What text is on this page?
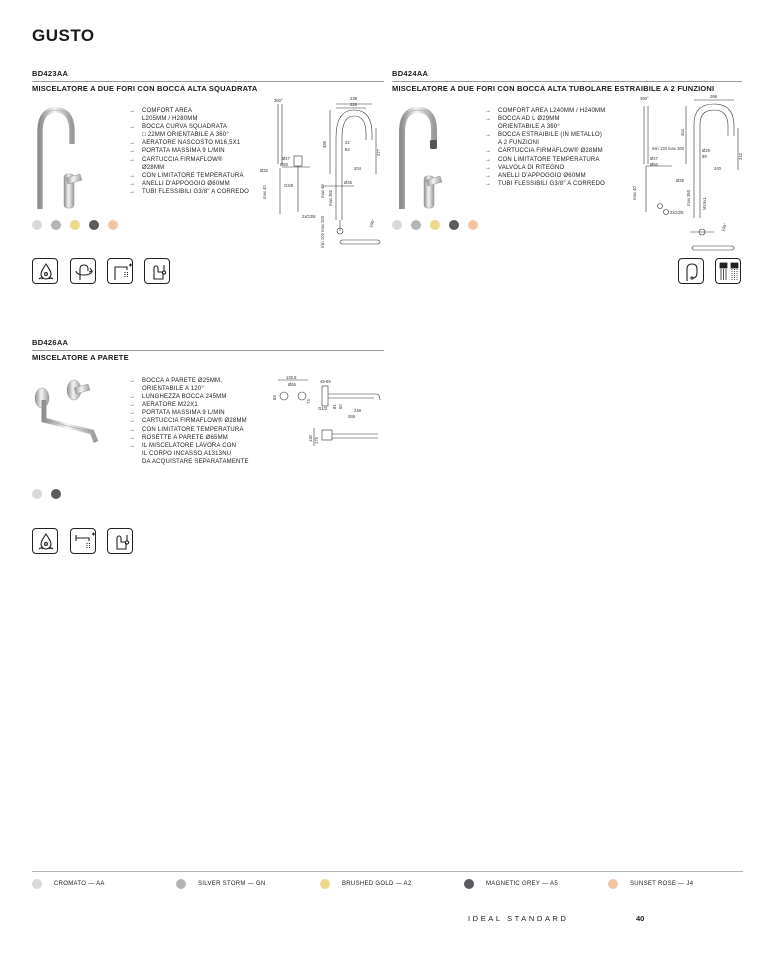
GUSTO
BD423AA
MISCELATORE A DUE FORI CON BOCCA ALTA SQUADRATA
→ COMFORT AREA
L205MM / H280MM
→ BOCCA CURVA SQUADRATA
□ 22MM ORIENTABILE A 360°
→ AERATORE NASCOSTO M16,5X1
→ PORTATA MASSIMA 9 L/MIN
→ CARTUCCIA FIRMAFLOW®
Ø28MM
→ CON LIMITATORE TEMPERATURA
→ ANELLI D'APPOGGIO Ø60MM
→ TUBI FLESSIBILI G3/8" A CORREDO
360°
Ø32
Ø47
Ø60
max 40	G3/8
2xG3/8
238
226
395	22
84	277
204
max 350
max 40
Ø35
min 100 max 200	100°
BD424AA
MISCELATORE A DUE FORI CON BOCCA ALTA TUBOLARE ESTRAIBILE A 2 FUNZIONI
→ COMFORT AREA L240MM / H240MM
→ BOCCA AD L Ø29MM
ORIENTABILE A 360°
→ BOCCA ESTRAIBILE (IN METALLO)
A 2 FUNZIONI
→ CARTUCCIA FIRMAFLOW® Ø28MM
→ CON LIMITATORE TEMPERATURA
→ VALVOLA DI RITEGNO
→ ANELLI D'APPOGGIO Ø60MM
→ TUBI FLESSIBILI G3/8" A CORREDO
360°
min 130 max 300
Ø47
Ø60
max 40
268
464
Ø29
89	242
240
Ø35
max 350
2xG3/8
M15x1
100°
BD426AA
MISCELATORE A PARETE
→ BOCCA A PARETE Ø25MM,
ORIENTABILE A 120°
→ LUNGHEZZA BOCCA 245MM
→ AERATORE M22X1
→ PORTATA MASSIMA 9 L/MIN
→ CARTUCCIA FIRMAFLOW® Ø28MM
→ CON LIMITATORE TEMPERATURA
→ ROSETTE A PARETE Ø65MM
→ IL MISCELATORE LAVORA CON
IL CORPO INCASSO A1313NU
DA ACQUISTARE SEPARATAMENTE
132,8
Ø65
83
73
49-69
G1/2 81 60
248
269
130 175
CROMATO — AA	SILVER STORM — GN	BRUSHED GOLD — A2	MAGNETIC GREY — A5	SUNSET ROSE — J4
IDEAL STANDARD	40
